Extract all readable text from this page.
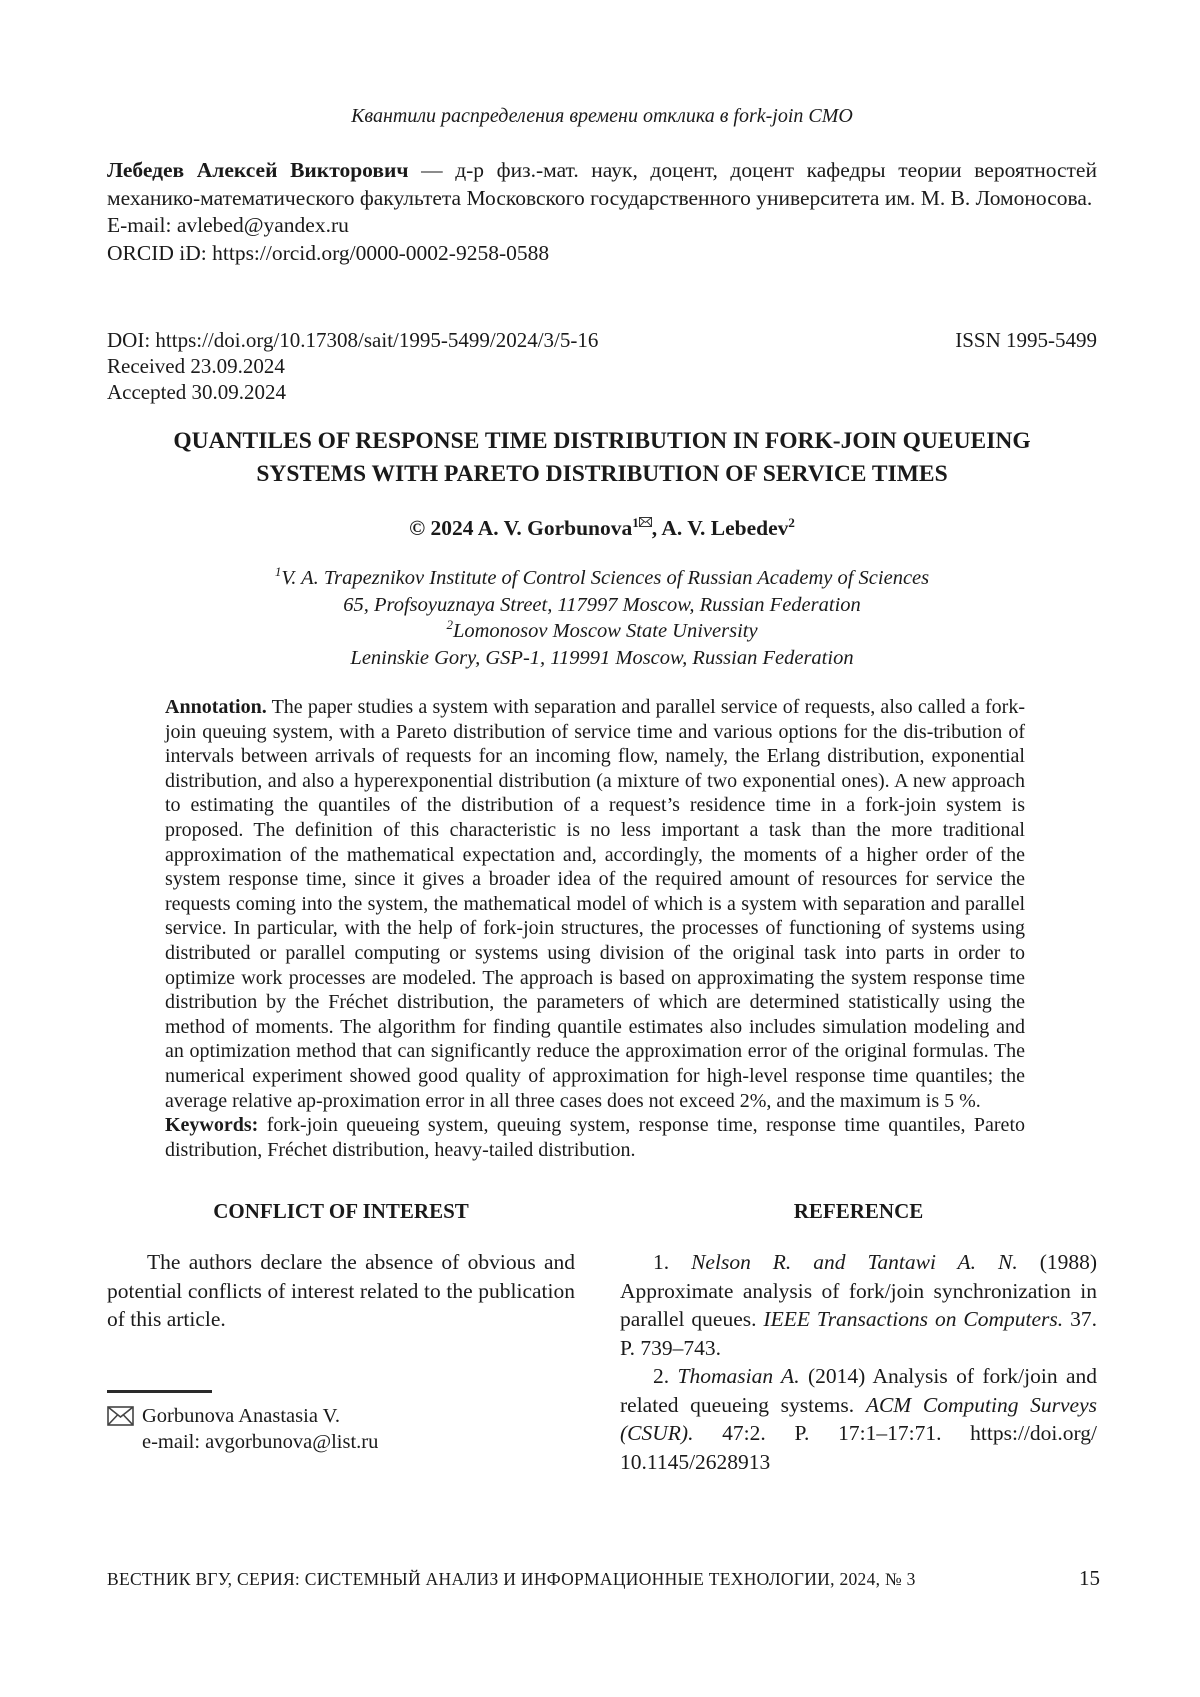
Квантили распределения времени отклика в fork-join СМО

Лебедев Алексей Викторович — д-р физ.-мат. наук, доцент, доцент кафедры теории вероятностей механико-математического факультета Московского государственного университета им. М. В. Ломоносова.

E-mail: avlebed@yandex.ru
ORCID iD: https://orcid.org/0000-0002-9258-0588
DOI: https://doi.org/10.17308/sait/1995-5499/2024/3/5-16	ISSN 1995-5499
Received 23.09.2024
Accepted 30.09.2024
QUANTILES OF RESPONSE TIME DISTRIBUTION IN FORK-JOIN QUEUEING
SYSTEMS WITH PARETO DISTRIBUTION OF SERVICE TIMES
© 2024 A. V. Gorbunova$^1$ , A. V. Lebedev$^2$
$^1$V. A. Trapeznikov Institute of Control Sciences of Russian Academy of Sciences
65, Profsoyuznaya Street, 117997 Moscow, Russian Federation
$^2$Lomonosov Moscow State University
Leninskie Gory, GSP-1, 119991 Moscow, Russian Federation

Annotation. The paper studies a system with separation and parallel service of requests, also called a fork-join queuing system, with a Pareto distribution of service time and various options for the dis-tribution of intervals between arrivals of requests for an incoming flow, namely, the Erlang distribution, exponential distribution, and also a hyperexponential distribution (a mixture of two exponential ones). A new approach to estimating the quantiles of the distribution of a request’s residence time in a fork-join system is proposed. The definition of this characteristic is no less important a task than the more traditional approximation of the mathematical expectation and, accordingly, the moments of a higher order of the system response time, since it gives a broader idea of the required amount of resources for service the requests coming into the system, the mathematical model of which is a system with separation and parallel service. In particular, with the help of fork-join structures, the processes of functioning of systems using distributed or parallel computing or systems using division of the original task into parts in order to optimize work processes are modeled. The approach is based on approximating the system response time distribution by the Fréchet distribution, the parameters of which are determined statistically using the method of moments. The algorithm for finding quantile estimates also includes simulation modeling and an optimization method that can significantly reduce the approximation error of the original formulas. The numerical experiment showed good quality of approximation for high-level response time quantiles; the average relative ap-proximation error in all three cases does not exceed 2%, and the maximum is 5 %.

Keywords: fork-join queueing system, queuing system, response time, response time quantiles, Pareto distribution, Fréchet distribution, heavy-tailed distribution.

CONFLICT OF INTEREST

The authors declare the absence of obvious and potential conflicts of interest related to the publication of this article.

Gorbunova Anastasia V.
e-mail: avgorbunova@list.ru
REFERENCE

1. Nelson R. and Tantawi A. N. (1988) Approximate analysis of fork/join synchronization in parallel queues. IEEE Transactions on Computers. 37. P. 739–743.

2. Thomasian A. (2014) Analysis of fork/join and related queueing systems. ACM Computing Surveys (CSUR). 47:2. P. 17:1–17:71. https://doi.org/ 10.1145/2628913

ВЕСТНИК ВГУ, СЕРИЯ: СИСТЕМНЫЙ АНАЛИЗ И ИНФОРМАЦИОННЫЕ ТЕХНОЛОГИИ, 2024, № 3	15
